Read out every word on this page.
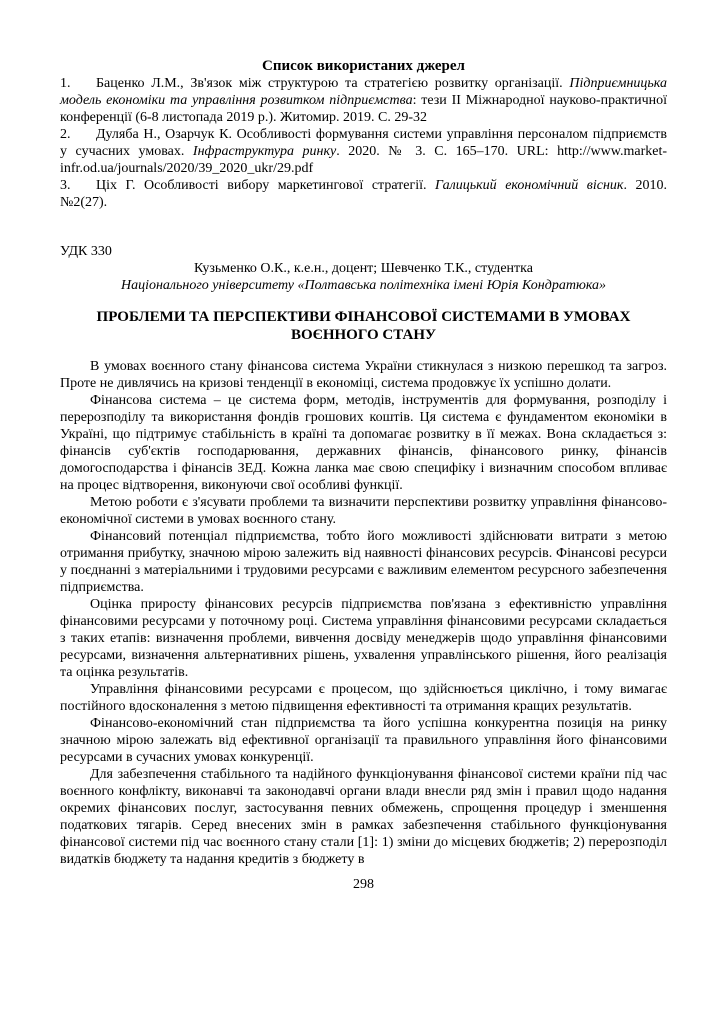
Список використаних джерел

1. Баценко Л.М., Зв'язок між структурою та стратегією розвитку організації. Підприємницька модель економіки та управління розвитком підприємства: тези ІІ Міжнародної науково-практичної конференції (6-8 листопада 2019 р.). Житомир. 2019. С. 29-32

2. Дуляба Н., Озарчук К. Особливості формування системи управління персоналом підприємств у сучасних умовах. Інфраструктура ринку. 2020. № 3. С. 165–170. URL: http://www.market-infr.od.ua/journals/2020/39_2020_ukr/29.pdf

3. Ціх Г. Особливості вибору маркетингової стратегії. Галицький економічний вісник. 2010. №2(27).

УДК 330

Кузьменко О.К., к.е.н., доцент; Шевченко Т.К., студентка

Національного університету «Полтавська політехніка імені Юрія Кондратюка»

ПРОБЛЕМИ ТА ПЕРСПЕКТИВИ ФІНАНСОВОЇ СИСТЕМАМИ В УМОВАХ ВОЄННОГО СТАНУ

В умовах воєнного стану фінансова система України стикнулася з низкою перешкод та загроз. Проте не дивлячись на кризові тенденції в економіці, система продовжує їх успішно долати.

Фінансова система – це система форм, методів, інструментів для формування, розподілу і перерозподілу та використання фондів грошових коштів. Ця система є фундаментом економіки в Україні, що підтримує стабільність в країні та допомагає розвитку в її межах. Вона складається з: фінансів суб'єктів господарювання, державних фінансів, фінансового ринку, фінансів домогосподарства і фінансів ЗЕД. Кожна ланка має свою специфіку і визначним способом впливає на процес відтворення, виконуючи свої особливі функції.

Метою роботи є з'ясувати проблеми та визначити перспективи розвитку управління фінансово-економічної системи в умовах воєнного стану.

Фінансовий потенціал підприємства, тобто його можливості здійснювати витрати з метою отримання прибутку, значною мірою залежить від наявності фінансових ресурсів. Фінансові ресурси у поєднанні з матеріальними і трудовими ресурсами є важливим елементом ресурсного забезпечення підприємства.

Оцінка приросту фінансових ресурсів підприємства пов'язана з ефективністю управління фінансовими ресурсами у поточному році. Система управління фінансовими ресурсами складається з таких етапів: визначення проблеми, вивчення досвіду менеджерів щодо управління фінансовими ресурсами, визначення альтернативних рішень, ухвалення управлінського рішення, його реалізація та оцінка результатів.

Управління фінансовими ресурсами є процесом, що здійснюється циклічно, і тому вимагає постійного вдосконалення з метою підвищення ефективності та отримання кращих результатів.

Фінансово-економічний стан підприємства та його успішна конкурентна позиція на ринку значною мірою залежать від ефективної організації та правильного управління його фінансовими ресурсами в сучасних умовах конкуренції.

Для забезпечення стабільного та надійного функціонування фінансової системи країни під час воєнного конфлікту, виконавчі та законодавчі органи влади внесли ряд змін і правил щодо надання окремих фінансових послуг, застосування певних обмежень, спрощення процедур і зменшення податкових тягарів. Серед внесених змін в рамках забезпечення стабільного функціонування фінансової системи під час воєнного стану стали [1]: 1) зміни до місцевих бюджетів; 2) перерозподіл видатків бюджету та надання кредитів з бюджету в

298
